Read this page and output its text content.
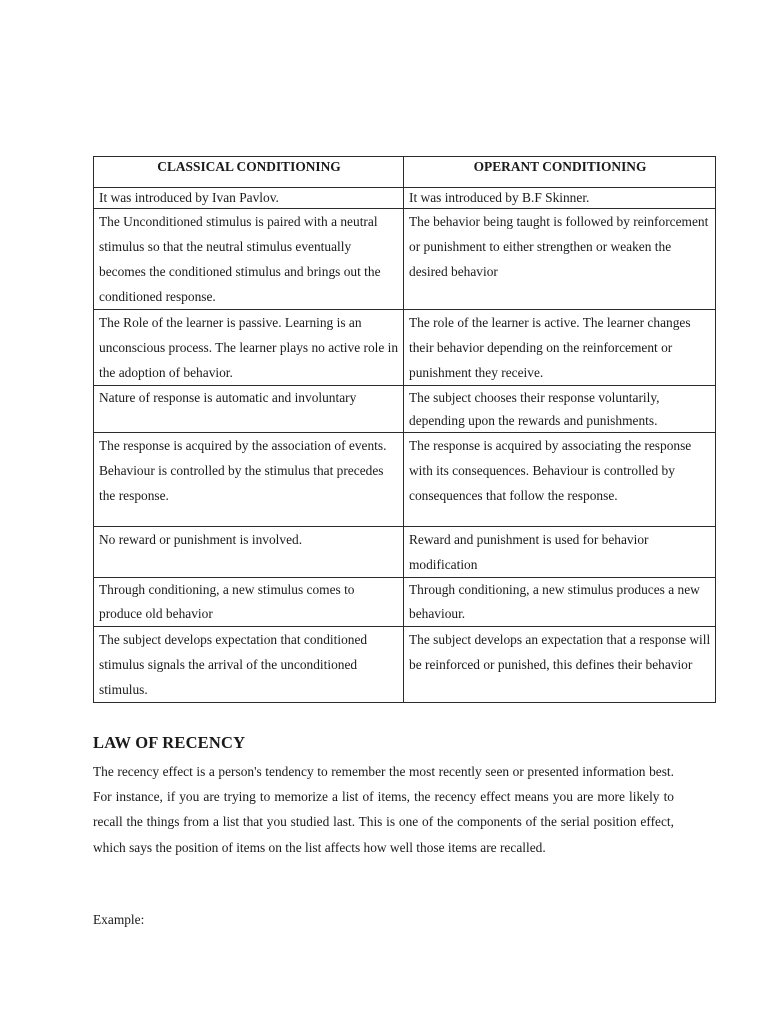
CLASSICAL CONDITIONING	OPERANT CONDITIONING
It was introduced by Ivan Pavlov.	It was introduced by B.F Skinner.
The Unconditioned stimulus is paired with a neutral stimulus so that the neutral stimulus eventually becomes the conditioned stimulus and brings out the conditioned response.	The behavior being taught is followed by reinforcement or punishment to either strengthen or weaken the desired behavior
The Role of the learner is passive. Learning is an unconscious process. The learner plays no active role in the adoption of behavior.	The role of the learner is active. The learner changes their behavior depending on the reinforcement or punishment they receive.
Nature of response is automatic and involuntary	The subject chooses their response voluntarily, depending upon the rewards and punishments.
The response is acquired by the association of events. Behaviour is controlled by the stimulus that precedes the response.	The response is acquired by associating the response with its consequences. Behaviour is controlled by consequences that follow the response.
No reward or punishment is involved.	Reward and punishment is used for behavior modification
Through conditioning, a new stimulus comes to produce old behavior	Through conditioning, a new stimulus produces a new behaviour.
The subject develops expectation that conditioned stimulus signals the arrival of the unconditioned stimulus.	The subject develops an expectation that a response will be reinforced or punished, this defines their behavior
LAW OF RECENCY
The recency effect is a person's tendency to remember the most recently seen or presented information best. For instance, if you are trying to memorize a list of items, the recency effect means you are more likely to recall the things from a list that you studied last. This is one of the components of the serial position effect, which says the position of items on the list affects how well those items are recalled.
Example:
